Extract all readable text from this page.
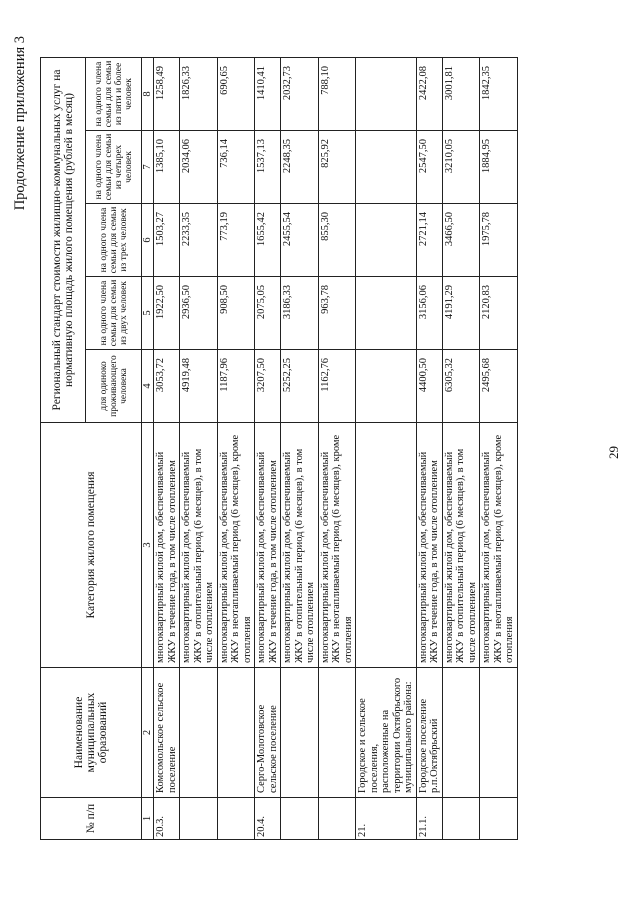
29
Продолжение приложения 3
№ п/п	Наименование муниципальных образований	Категория жилого помещения	Региональный стандарт стоимости жилищно-коммунальных услуг на нормативную площадь жилого помещения (рублей в месяц)				
			для одиноко проживающего человека	на одного члена семьи для семьи из двух человек	на одного члена семьи для семьи из трех человек	на одного члена семьи для семьи из четырех человек	на одного члена семьи для семьи из пяти и более человек
1	2	3	4	5	6	7	8
20.3.	Комсомольское сельское поселение	многоквартирный жилой дом, обеспечиваемый ЖКУ в течение года, в том числе отоплением	3053,72	1922,50	1503,27	1385,10	1258,49
		многоквартирный жилой дом, обеспечиваемый ЖКУ в отопительный период (6 месяцев), в том числе отоплением	4919,48	2936,50	2233,35	2034,06	1826,33
		многоквартирный жилой дом, обеспечиваемый ЖКУ в неотапливаемый период (6 месяцев), кроме отопления	1187,96	908,50	773,19	736,14	690,65
20.4.	Серго-Молотовское сельское поселение	многоквартирный жилой дом, обеспечиваемый ЖКУ в течение года, в том числе отоплением	3207,50	2075,05	1655,42	1537,13	1410,41
		многоквартирный жилой дом, обеспечиваемый ЖКУ в отопительный период (6 месяцев), в том числе отоплением	5252,25	3186,33	2455,54	2248,35	2032,73
		многоквартирный жилой дом, обеспечиваемый ЖКУ в неотапливаемый период (6 месяцев), кроме отопления	1162,76	963,78	855,30	825,92	788,10
21.	Городское и сельское поселения, расположенные на территории Октябрьского муниципального района:						
21.1.	Городское поселение р.п.Октябрьский	многоквартирный жилой дом, обеспечиваемый ЖКУ в течение года, в том числе отоплением	4400,50	3156,06	2721,14	2547,50	2422,08
		многоквартирный жилой дом, обеспечиваемый ЖКУ в отопительный период (6 месяцев), в том числе отоплением	6305,32	4191,29	3466,50	3210,05	3001,81
		многоквартирный жилой дом, обеспечиваемый ЖКУ в неотапливаемый период (6 месяцев), кроме отопления	2495,68	2120,83	1975,78	1884,95	1842,35
